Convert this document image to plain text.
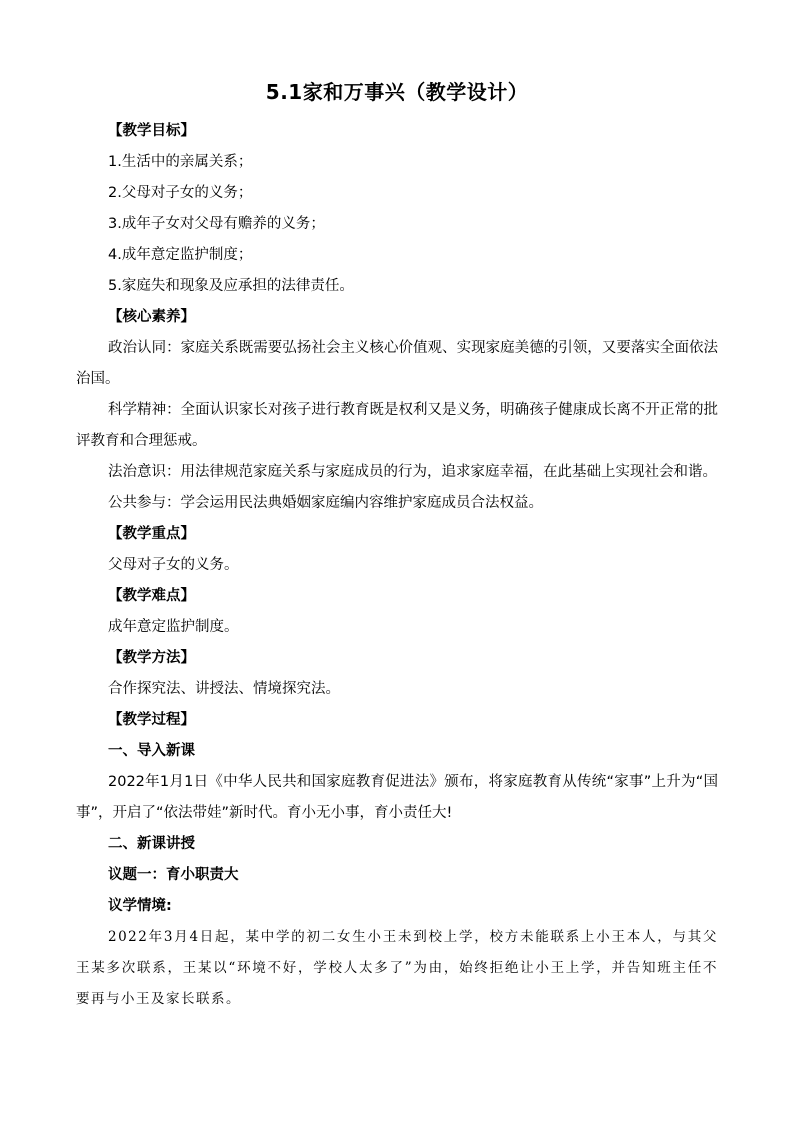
5.1家和万事兴（教学设计）

【教学目标】

1.生活中的亲属关系；

2.父母对子女的义务；

3.成年子女对父母有赡养的义务；

4.成年意定监护制度；

5.家庭失和现象及应承担的法律责任。

【核心素养】

政治认同：家庭关系既需要弘扬社会主义核心价值观、实现家庭美德的引领，又要落实全面依法治国。

科学精神：全面认识家长对孩子进行教育既是权利又是义务，明确孩子健康成长离不开正常的批评教育和合理惩戒。

法治意识：用法律规范家庭关系与家庭成员的行为，追求家庭幸福，在此基础上实现社会和谐。

公共参与：学会运用民法典婚姻家庭编内容维护家庭成员合法权益。

【教学重点】

父母对子女的义务。

【教学难点】

成年意定监护制度。

【教学方法】

合作探究法、讲授法、情境探究法。

【教学过程】

一、导入新课

2022年1月1日《中华人民共和国家庭教育促进法》颁布，将家庭教育从传统“家事”上升为“国事”，开启了“依法带娃”新时代。育小无小事，育小责任大!

二、新课讲授

议题一：育小职责大

议学情境:

2022年3月4日起，某中学的初二女生小王未到校上学，校方未能联系上小王本人，与其父王某多次联系，王某以“环境不好，学校人太多了”为由，始终拒绝让小王上学，并告知班主任不要再与小王及家长联系。
